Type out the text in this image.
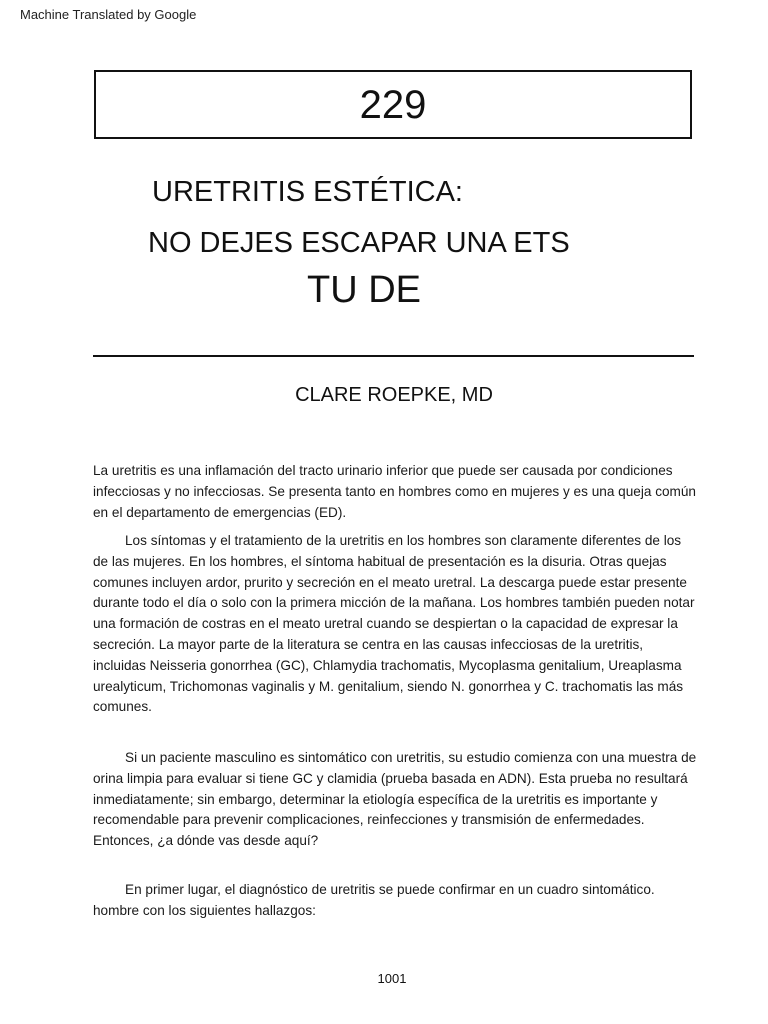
Machine Translated by Google
229
URETRITIS ESTÉTICA:
NO DEJES ESCAPAR UNA ETS
TU DE
CLARE ROEPKE, MD

La uretritis es una inflamación del tracto urinario inferior que puede ser causada por condiciones infecciosas y no infecciosas. Se presenta tanto en hombres como en mujeres y es una queja común en el departamento de emergencias (ED).

Los síntomas y el tratamiento de la uretritis en los hombres son claramente diferentes de los de las mujeres. En los hombres, el síntoma habitual de presentación es la disuria. Otras quejas comunes incluyen ardor, prurito y secreción en el meato uretral. La descarga puede estar presente durante todo el día o solo con la primera micción de la mañana. Los hombres también pueden notar una formación de costras en el meato uretral cuando se despiertan o la capacidad de expresar la secreción. La mayor parte de la literatura se centra en las causas infecciosas de la uretritis, incluidas Neisseria gonorrhea (GC), Chlamydia trachomatis, Mycoplasma genitalium, Ureaplasma urealyticum, Trichomonas vaginalis y M. genitalium, siendo N. gonorrhea y C. trachomatis las más comunes.

Si un paciente masculino es sintomático con uretritis, su estudio comienza con una muestra de orina limpia para evaluar si tiene GC y clamidia (prueba basada en ADN). Esta prueba no resultará inmediatamente; sin embargo, determinar la etiología específica de la uretritis es importante y recomendable para prevenir complicaciones, reinfecciones y transmisión de enfermedades. Entonces, ¿a dónde vas desde aquí?

En primer lugar, el diagnóstico de uretritis se puede confirmar en un cuadro sintomático. hombre con los siguientes hallazgos:

1001
